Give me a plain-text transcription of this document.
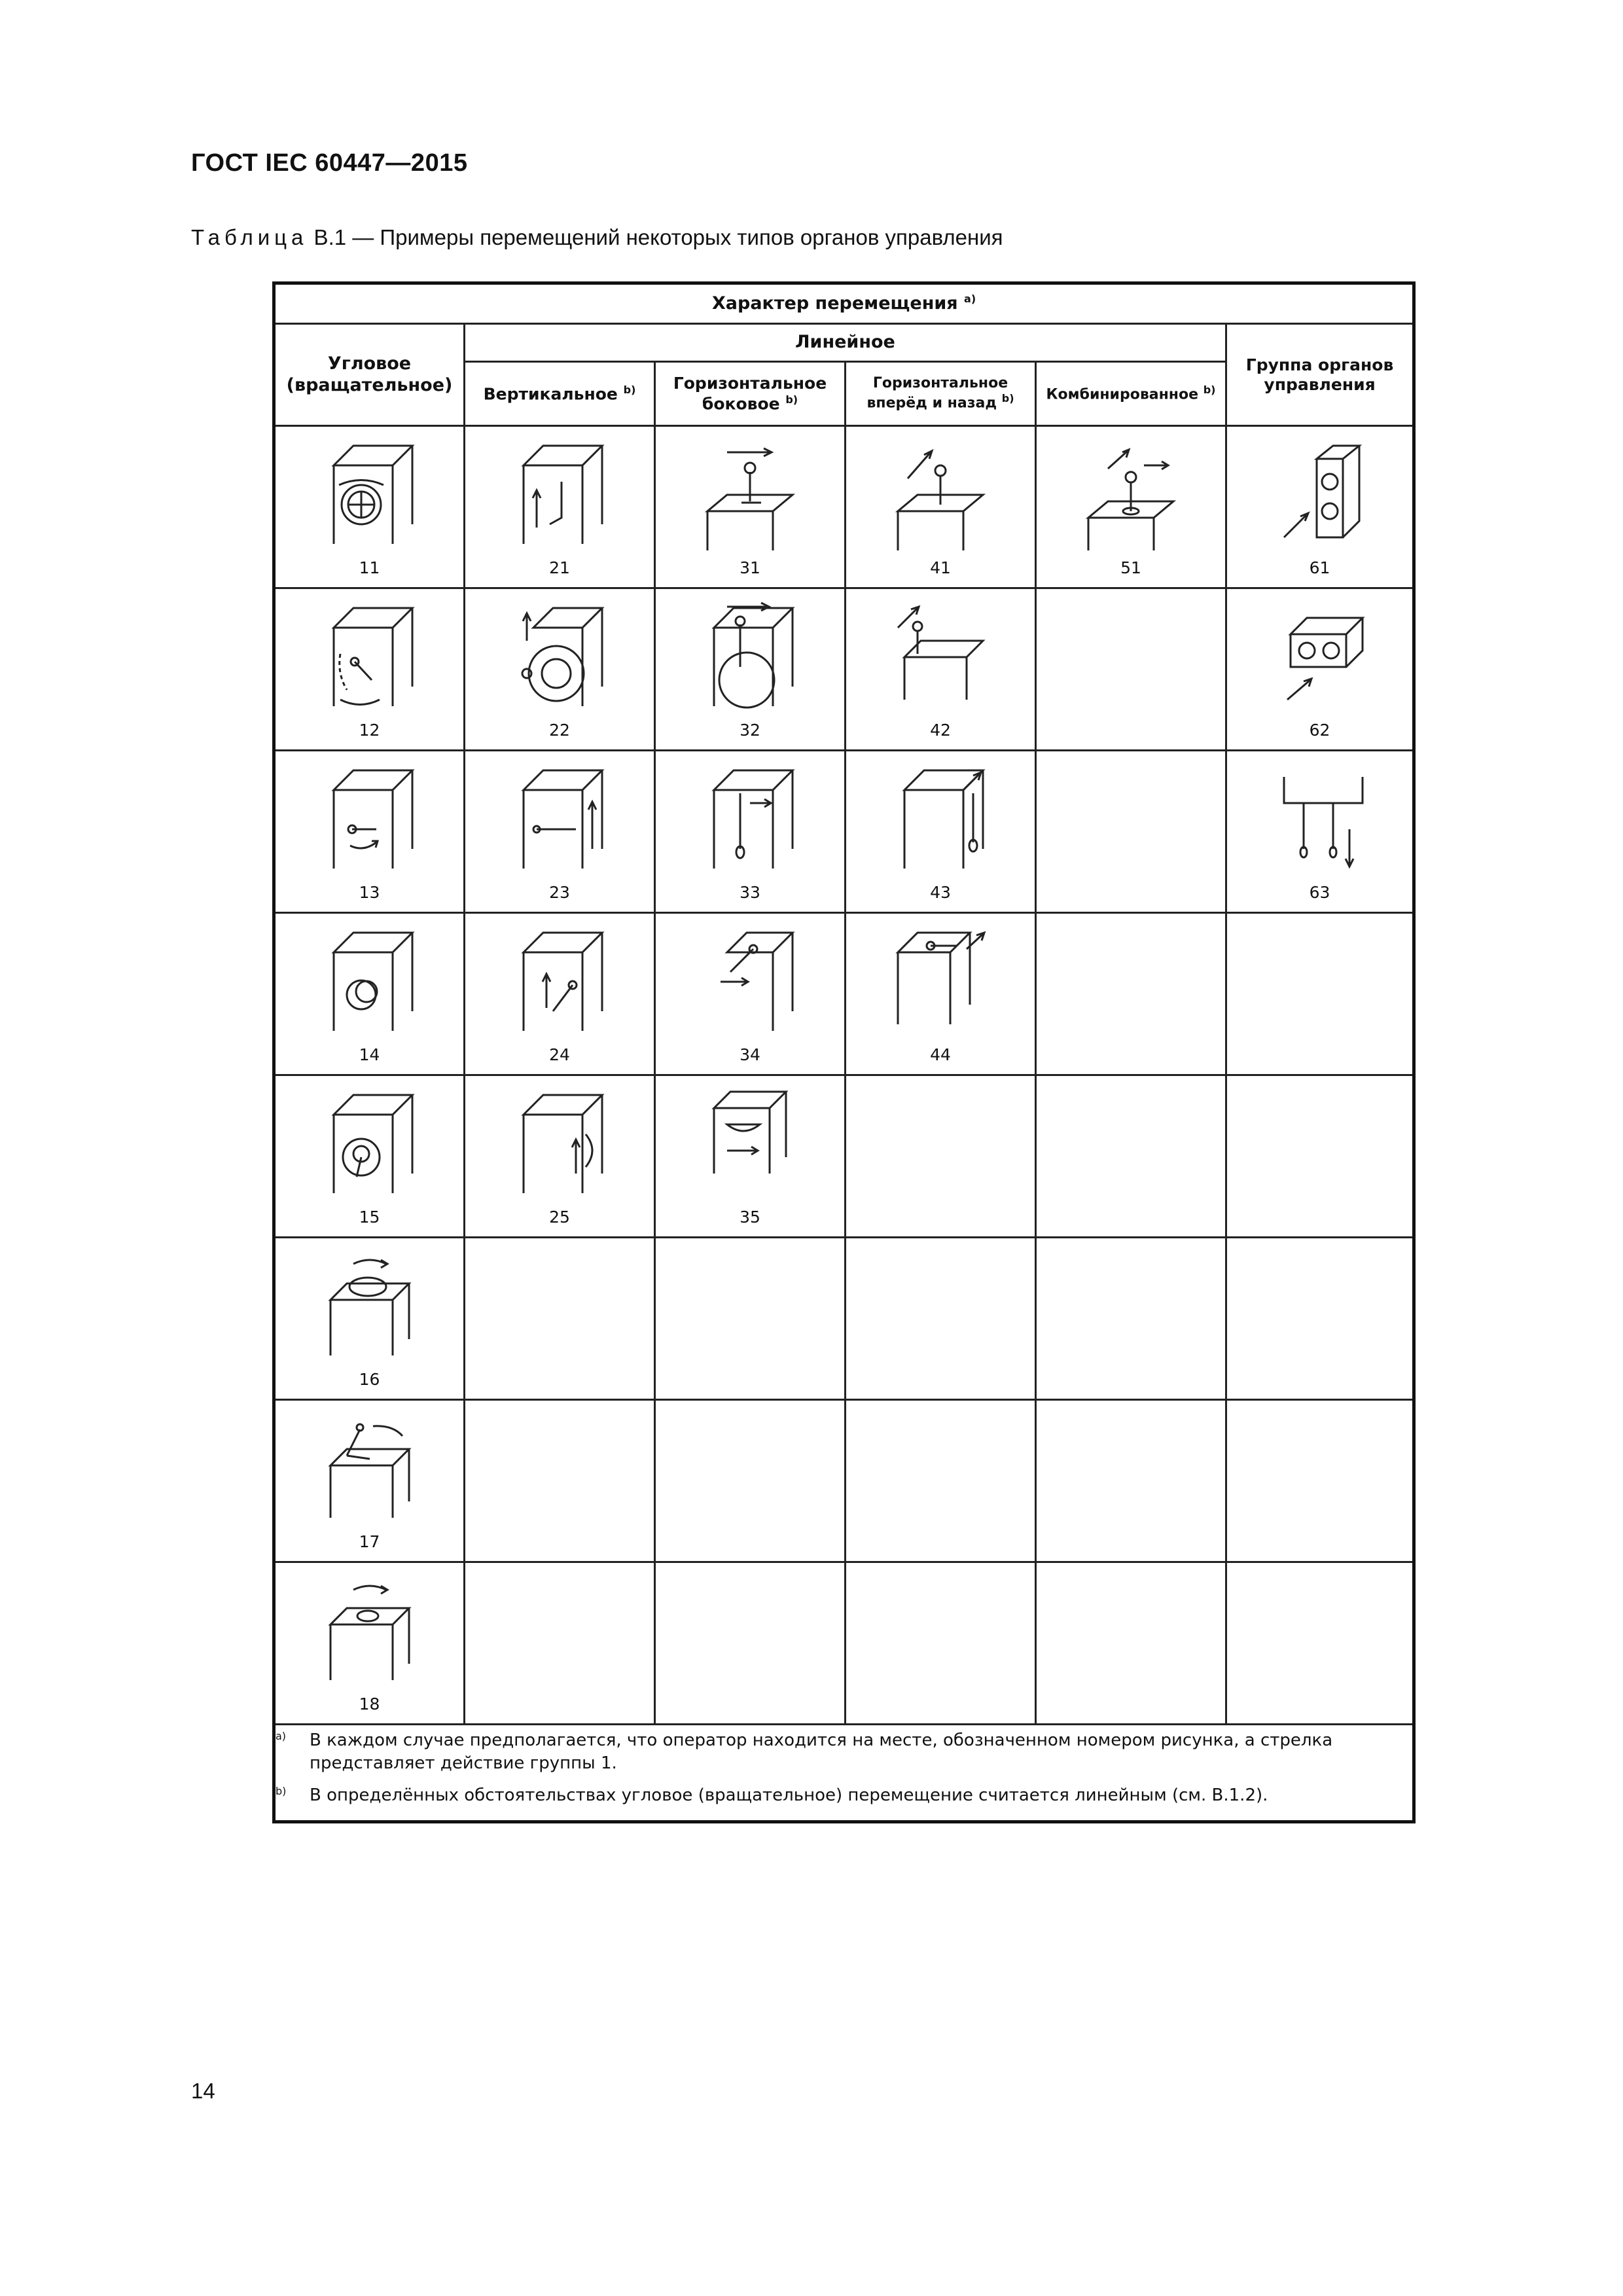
ГОСТ IEC 60447—2015
Таблица В.1 — Примеры перемещений некоторых типов органов управления
Характер перемещения $^{a)}$
Угловое (вращательное)	Линейное				Группа органов управления
	Вертикальное $^{b)}$	Горизонтальное боковое $^{b)}$	Горизонтальное вперёд и назад $^{b)}$	Комбинированное $^{b)}$

11	21	31	41	51	61

12	22	32	42		62

13	23	33	43		63

14	24	34	44		

15	25	35			

16					

17					

18					

a) В каждом случае предполагается, что оператор находится на месте, обозначенном номером рисунка, а стрелка представляет действие группы 1.
b) В определённых обстоятельствах угловое (вращательное) перемещение считается линейным (см. В.1.2).					
14
